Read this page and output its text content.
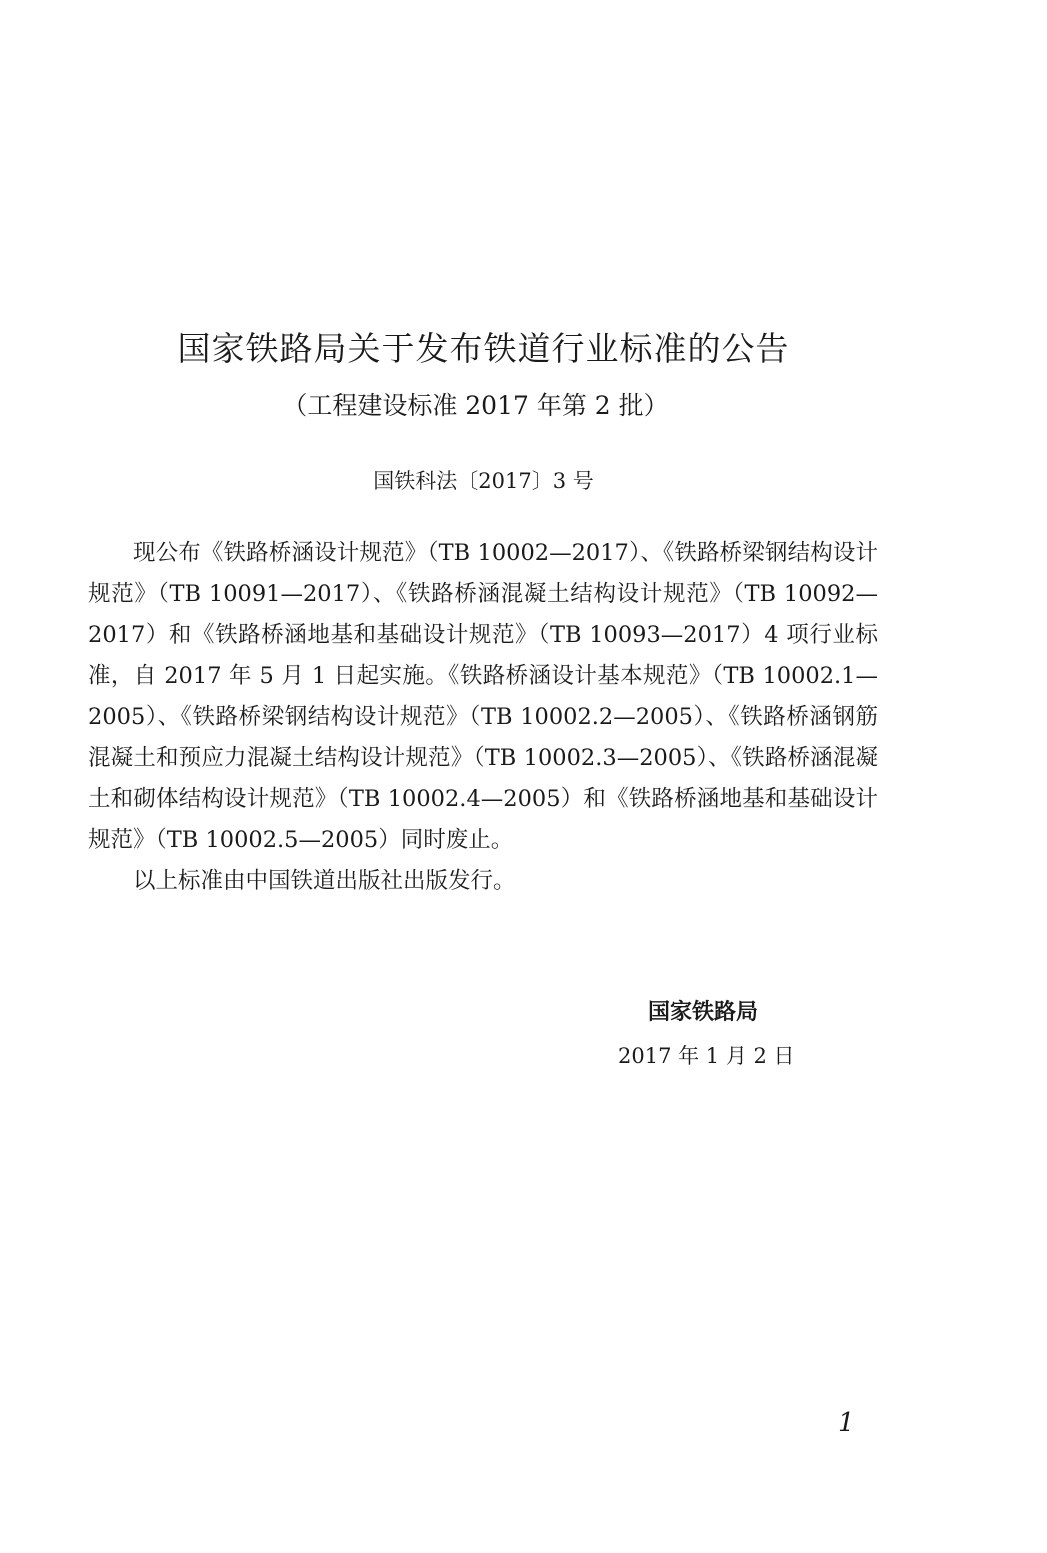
国家铁路局关于发布铁道行业标准的公告
（工程建设标准 2017 年第 2 批）
国铁科法〔2017〕3 号

现公布《铁路桥涵设计规范》（TB 10002—2017）、《铁路桥梁钢结构设计规范》（TB 10091—2017）、《铁路桥涵混凝土结构设计规范》（TB 10092—2017）和《铁路桥涵地基和基础设计规范》（TB 10093—2017）4 项行业标准，自 2017 年 5 月 1 日起实施。《铁路桥涵设计基本规范》（TB 10002.1—2005）、《铁路桥梁钢结构设计规范》（TB 10002.2—2005）、《铁路桥涵钢筋混凝土和预应力混凝土结构设计规范》（TB 10002.3—2005）、《铁路桥涵混凝土和砌体结构设计规范》（TB 10002.4—2005）和《铁路桥涵地基和基础设计规范》（TB 10002.5—2005）同时废止。

以上标准由中国铁道出版社出版发行。

国家铁路局
2017 年 1 月 2 日
1
